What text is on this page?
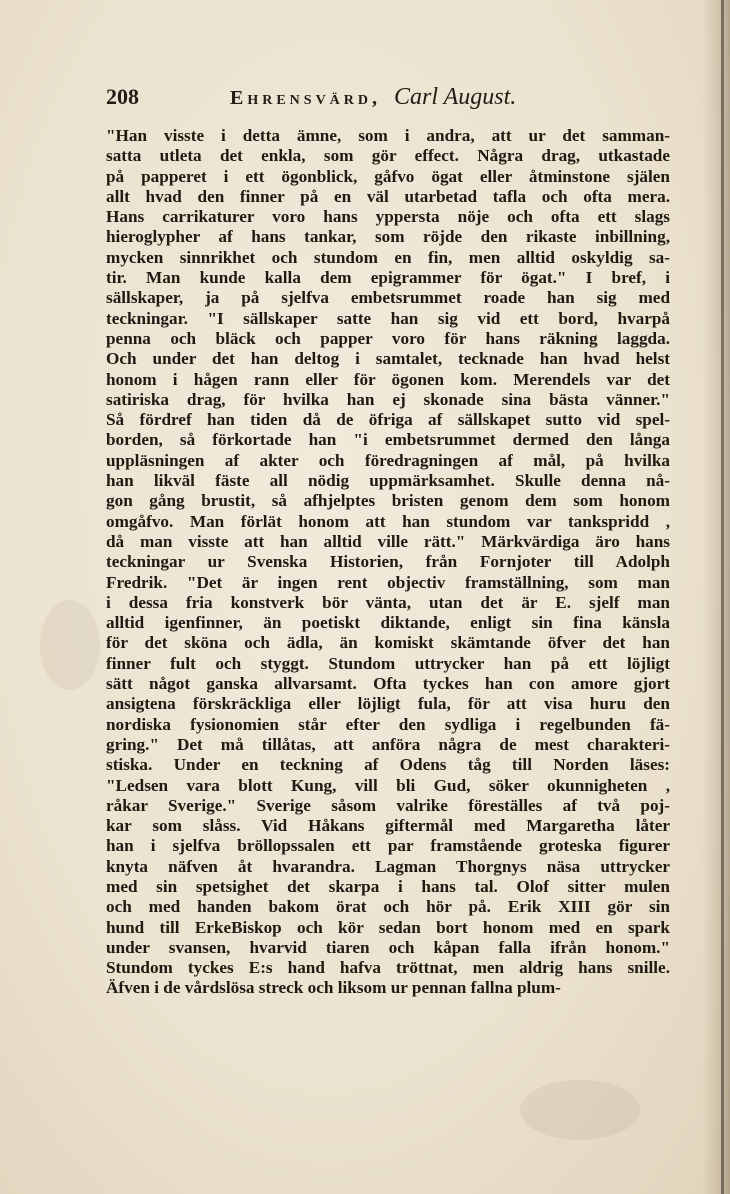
208	Ehrensvärd, Carl August.
"Han visste i detta ämne, som i andra, att ur det samman-
satta utleta det enkla, som gör effect. Några drag, utkastade
på papperet i ett ögonblick, gåfvo ögat eller åtminstone själen
allt hvad den finner på en väl utarbetad tafla och ofta mera.
Hans carrikaturer voro hans yppersta nöje och ofta ett slags
hieroglypher af hans tankar, som röjde den rikaste inbillning,
mycken sinnrikhet och stundom en fin, men alltid oskyldig sa-
tir. Man kunde kalla dem epigrammer för ögat." I bref, i
sällskaper, ja på sjelfva embetsrummet roade han sig med
teckningar. "I sällskaper satte han sig vid ett bord, hvarpå
penna och bläck och papper voro för hans räkning laggda.
Och under det han deltog i samtalet, tecknade han hvad helst
honom i hågen rann eller för ögonen kom. Merendels var det
satiriska drag, för hvilka han ej skonade sina bästa vänner."
Så fördref han tiden då de öfriga af sällskapet sutto vid spel-
borden, så förkortade han "i embetsrummet dermed den långa
uppläsningen af akter och föredragningen af mål, på hvilka
han likväl fäste all nödig uppmärksamhet. Skulle denna nå-
gon gång brustit, så afhjelptes bristen genom dem som honom
omgåfvo. Man förlät honom att han stundom var tankspridd ,
då man visste att han alltid ville rätt." Märkvärdiga äro hans
teckningar ur Svenska Historien, från Fornjoter till Adolph
Fredrik. "Det är ingen rent objectiv framställning, som man
i dessa fria konstverk bör vänta, utan det är E. sjelf man
alltid igenfinner, än poetiskt diktande, enligt sin fina känsla
för det sköna och ädla, än komiskt skämtande öfver det han
finner fult och styggt. Stundom uttrycker han på ett löjligt
sätt något ganska allvarsamt. Ofta tyckes han con amore gjort
ansigtena förskräckliga eller löjligt fula, för att visa huru den
nordiska fysionomien står efter den sydliga i regelbunden fä-
gring." Det må tillåtas, att anföra några de mest charakteri-
stiska. Under en teckning af Odens tåg till Norden läses:
"Ledsen vara blott Kung, vill bli Gud, söker okunnigheten ,
råkar Sverige." Sverige såsom valrike föreställes af två poj-
kar som slåss. Vid Håkans giftermål med Margaretha låter
han i sjelfva bröllopssalen ett par framstående groteska figurer
knyta näfven åt hvarandra. Lagman Thorgnys näsa uttrycker
med sin spetsighet det skarpa i hans tal. Olof sitter mulen
och med handen bakom örat och hör på. Erik XIII gör sin
hund till ErkeBiskop och kör sedan bort honom med en spark
under svansen, hvarvid tiaren och kåpan falla ifrån honom."
Stundom tyckes E:s hand hafva tröttnat, men aldrig hans snille.
Äfven i de vårdslösa streck och liksom ur pennan fallna plum-
